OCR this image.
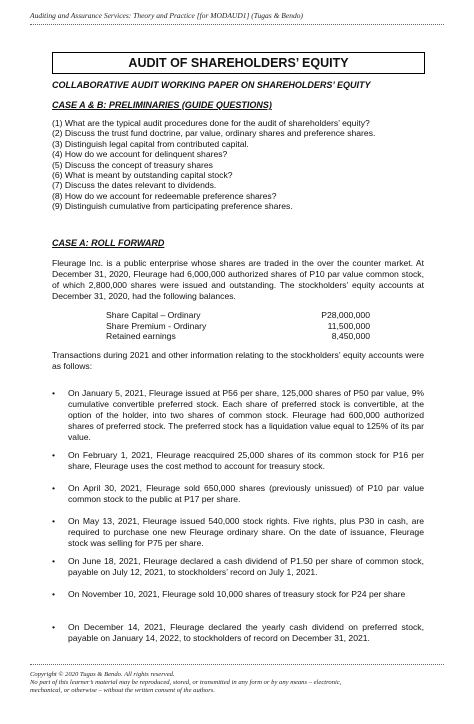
Auditing and Assurance Services: Theory and Practice [for MODAUD1] (Tugas & Bendo)
AUDIT OF SHAREHOLDERS’ EQUITY
COLLABORATIVE AUDIT WORKING PAPER ON SHAREHOLDERS’ EQUITY
CASE A & B: PRELIMINARIES (GUIDE QUESTIONS)
(1) What are the typical audit procedures done for the audit of shareholders’ equity?
(2) Discuss the trust fund doctrine, par value, ordinary shares and preference shares.
(3) Distinguish legal capital from contributed capital.
(4) How do we account for delinquent shares?
(5) Discuss the concept of treasury shares
(6) What is meant by outstanding capital stock?
(7) Discuss the dates relevant to dividends.
(8) How do we account for redeemable preference shares?
(9) Distinguish cumulative from participating preference shares.
CASE A: ROLL FORWARD
Fleurage Inc. is a public enterprise whose shares are traded in the over the counter market. At December 31, 2020, Fleurage had 6,000,000 authorized shares of P10 par value common stock, of which 2,800,000 shares were issued and outstanding. The stockholders’ equity accounts at December 31, 2020, had the following balances.
Share Capital – Ordinary	P28,000,000
Share Premium - Ordinary	11,500,000
Retained earnings	8,450,000
Transactions during 2021 and other information relating to the stockholders’ equity accounts were as follows:
•	On January 5, 2021, Fleurage issued at P56 per share, 125,000 shares of P50 par value, 9% cumulative convertible preferred stock. Each share of preferred stock is convertible, at the option of the holder, into two shares of common stock. Fleurage had 600,000 authorized shares of preferred stock. The preferred stock has a liquidation value equal to 125% of its par value.
•	On February 1, 2021, Fleurage reacquired 25,000 shares of its common stock for P16 per share, Fleurage uses the cost method to account for treasury stock.
•	On April 30, 2021, Fleurage sold 650,000 shares (previously unissued) of P10 par value common stock to the public at P17 per share.
•	On May 13, 2021, Fleurage issued 540,000 stock rights. Five rights, plus P30 in cash, are required to purchase one new Fleurage ordinary share. On the date of issuance, Fleurage stock was selling for P75 per share.
•	On June 18, 2021, Fleurage declared a cash dividend of P1.50 per share of common stock, payable on July 12, 2021, to stockholders’ record on July 1, 2021.
•	On November 10, 2021, Fleurage sold 10,000 shares of treasury stock for P24 per share
•	On December 14, 2021, Fleurage declared the yearly cash dividend on preferred stock, payable on January 14, 2022, to stockholders of record on December 31, 2021.
Copyright © 2020 Tugas & Bendo. All rights reserved.
No part of this learner’s material may be reproduced, stored, or transmitted in any form or by any means – electronic,
mechanical, or otherwise – without the written consent of the authors.
